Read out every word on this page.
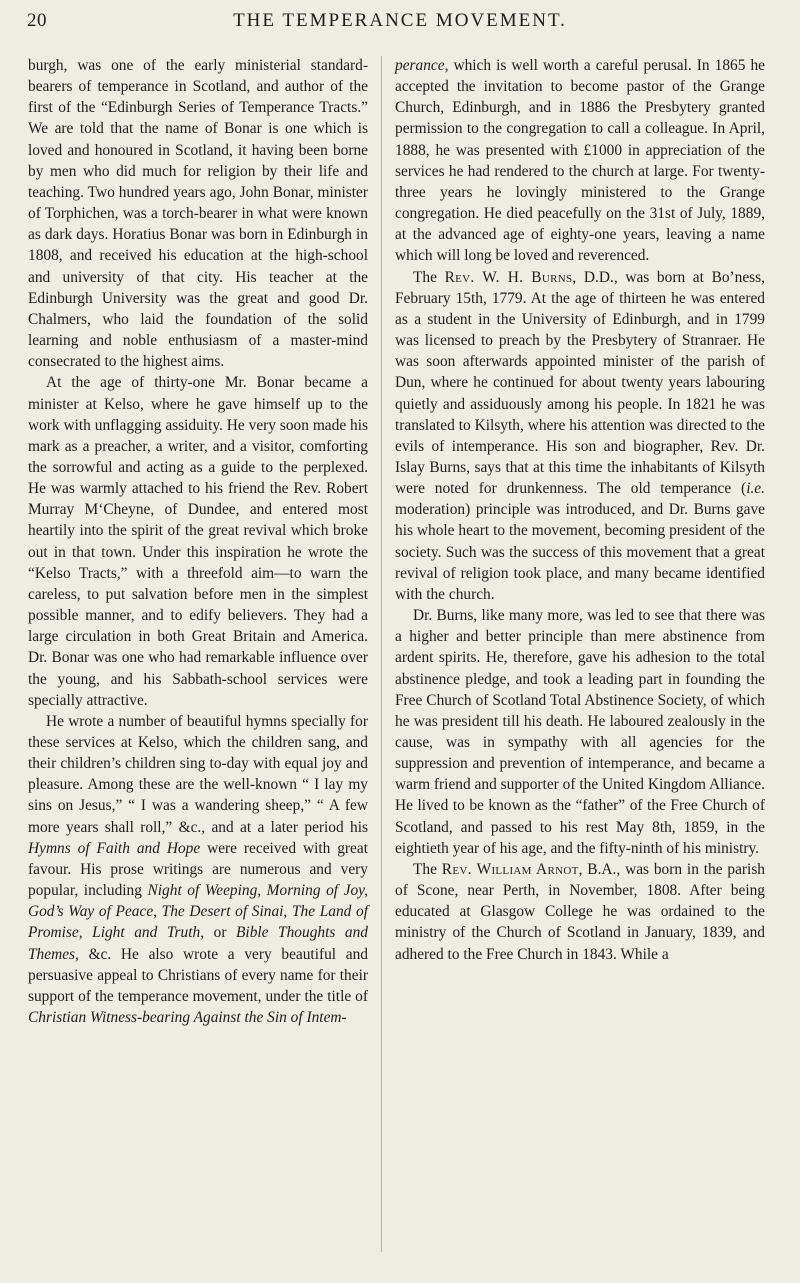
20	THE TEMPERANCE MOVEMENT.

burgh, was one of the early ministerial standard-bearers of temperance in Scotland, and author of the first of the “Edinburgh Series of Temperance Tracts.” We are told that the name of Bonar is one which is loved and honoured in Scotland, it having been borne by men who did much for religion by their life and teaching. Two hundred years ago, John Bonar, minister of Torphichen, was a torch-bearer in what were known as dark days. Horatius Bonar was born in Edinburgh in 1808, and received his education at the high-school and university of that city. His teacher at the Edinburgh University was the great and good Dr. Chalmers, who laid the foundation of the solid learning and noble enthusiasm of a master-mind consecrated to the highest aims.

At the age of thirty-one Mr. Bonar became a minister at Kelso, where he gave himself up to the work with unflagging assiduity. He very soon made his mark as a preacher, a writer, and a visitor, comforting the sorrowful and acting as a guide to the perplexed. He was warmly attached to his friend the Rev. Robert Murray M‘Cheyne, of Dundee, and entered most heartily into the spirit of the great revival which broke out in that town. Under this inspiration he wrote the “Kelso Tracts,” with a threefold aim—to warn the careless, to put salvation before men in the simplest possible manner, and to edify believers. They had a large circulation in both Great Britain and America. Dr. Bonar was one who had remarkable influence over the young, and his Sabbath-school services were specially attractive.

He wrote a number of beautiful hymns specially for these services at Kelso, which the children sang, and their children’s children sing to-day with equal joy and pleasure. Among these are the well-known “ I lay my sins on Jesus,” “ I was a wandering sheep,” “ A few more years shall roll,” &c., and at a later period his Hymns of Faith and Hope were received with great favour. His prose writings are numerous and very popular, including Night of Weeping, Morning of Joy, God’s Way of Peace, The Desert of Sinai, The Land of Promise, Light and Truth, or Bible Thoughts and Themes, &c. He also wrote a very beautiful and persuasive appeal to Christians of every name for their support of the temperance movement, under the title of Christian Witness-bearing Against the Sin of Intem-

perance, which is well worth a careful perusal. In 1865 he accepted the invitation to become pastor of the Grange Church, Edinburgh, and in 1886 the Presbytery granted permission to the congregation to call a colleague. In April, 1888, he was presented with £1000 in appreciation of the services he had rendered to the church at large. For twenty-three years he lovingly ministered to the Grange congregation. He died peacefully on the 31st of July, 1889, at the advanced age of eighty-one years, leaving a name which will long be loved and reverenced.

The Rev. W. H. Burns, D.D., was born at Bo’ness, February 15th, 1779. At the age of thirteen he was entered as a student in the University of Edinburgh, and in 1799 was licensed to preach by the Presbytery of Stranraer. He was soon afterwards appointed minister of the parish of Dun, where he continued for about twenty years labouring quietly and assiduously among his people. In 1821 he was translated to Kilsyth, where his attention was directed to the evils of intemperance. His son and biographer, Rev. Dr. Islay Burns, says that at this time the inhabitants of Kilsyth were noted for drunkenness. The old temperance (i.e. moderation) principle was introduced, and Dr. Burns gave his whole heart to the movement, becoming president of the society. Such was the success of this movement that a great revival of religion took place, and many became identified with the church.

Dr. Burns, like many more, was led to see that there was a higher and better principle than mere abstinence from ardent spirits. He, therefore, gave his adhesion to the total abstinence pledge, and took a leading part in founding the Free Church of Scotland Total Abstinence Society, of which he was president till his death. He laboured zealously in the cause, was in sympathy with all agencies for the suppression and prevention of intemperance, and became a warm friend and supporter of the United Kingdom Alliance. He lived to be known as the “father” of the Free Church of Scotland, and passed to his rest May 8th, 1859, in the eightieth year of his age, and the fifty-ninth of his ministry.

The Rev. William Arnot, B.A., was born in the parish of Scone, near Perth, in November, 1808. After being educated at Glasgow College he was ordained to the ministry of the Church of Scotland in January, 1839, and adhered to the Free Church in 1843. While a
